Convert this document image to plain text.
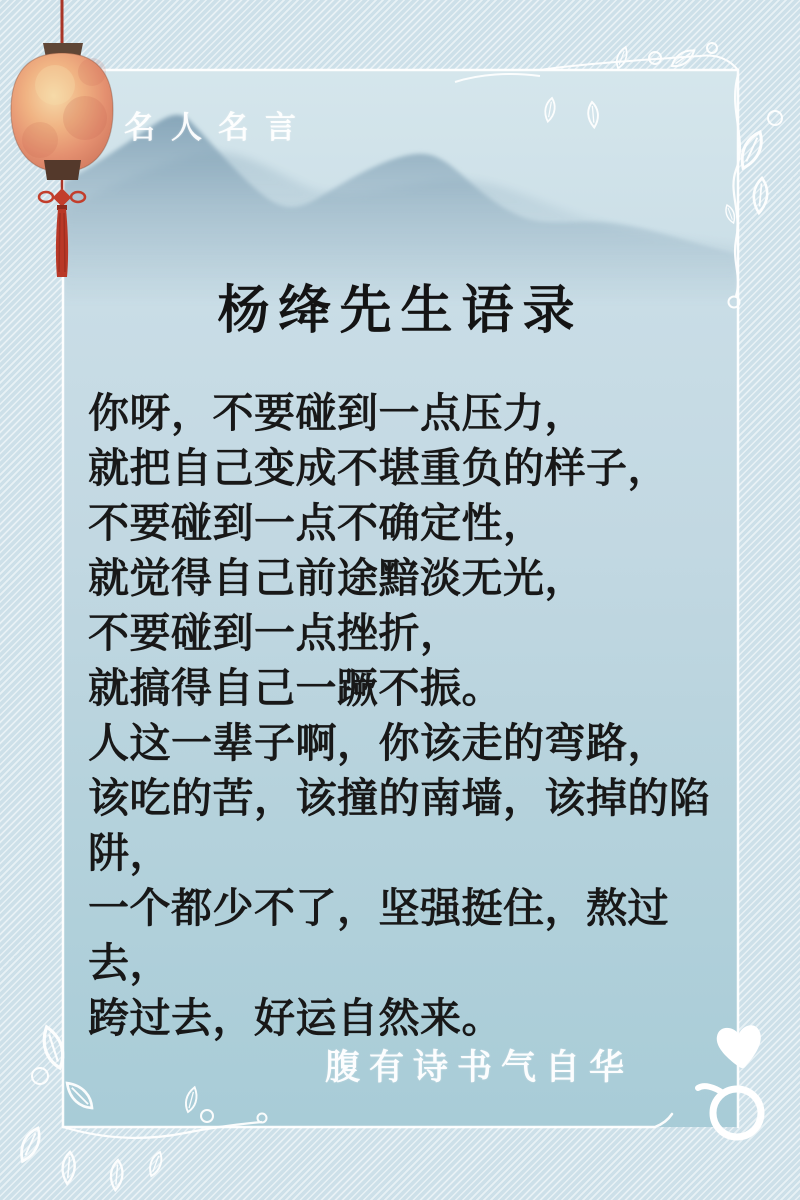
名人名言
杨绛先生语录
你呀，不要碰到一点压力，
就把自己变成不堪重负的样子，
不要碰到一点不确定性，
就觉得自己前途黯淡无光，
不要碰到一点挫折，
就搞得自己一蹶不振。
人这一辈子啊，你该走的弯路，
该吃的苦，该撞的南墙，该掉的陷阱，
一个都少不了，坚强挺住，熬过去，
跨过去，好运自然来。
腹有诗书气自华
